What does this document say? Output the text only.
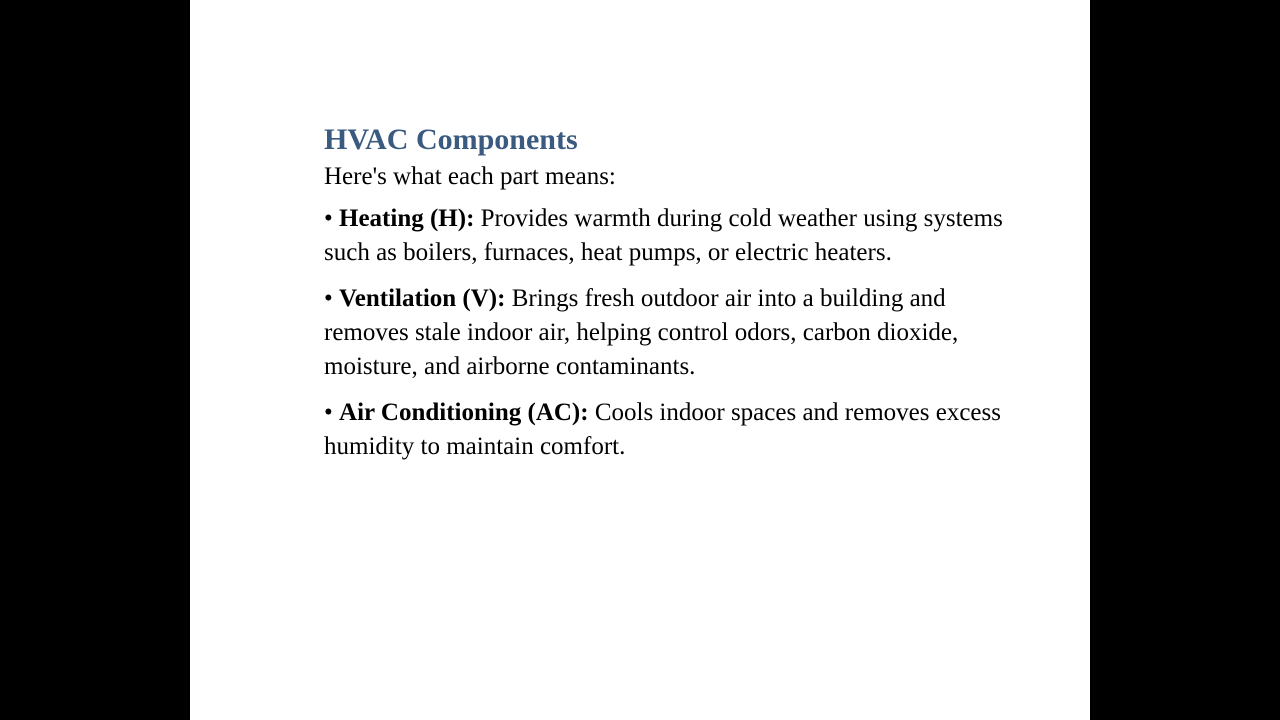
HVAC Components

Here's what each part means:

• Heating (H): Provides warmth during cold weather using systems such as boilers, furnaces, heat pumps, or electric heaters.

• Ventilation (V): Brings fresh outdoor air into a building and removes stale indoor air, helping control odors, carbon dioxide, moisture, and airborne contaminants.

• Air Conditioning (AC): Cools indoor spaces and removes excess humidity to maintain comfort.
